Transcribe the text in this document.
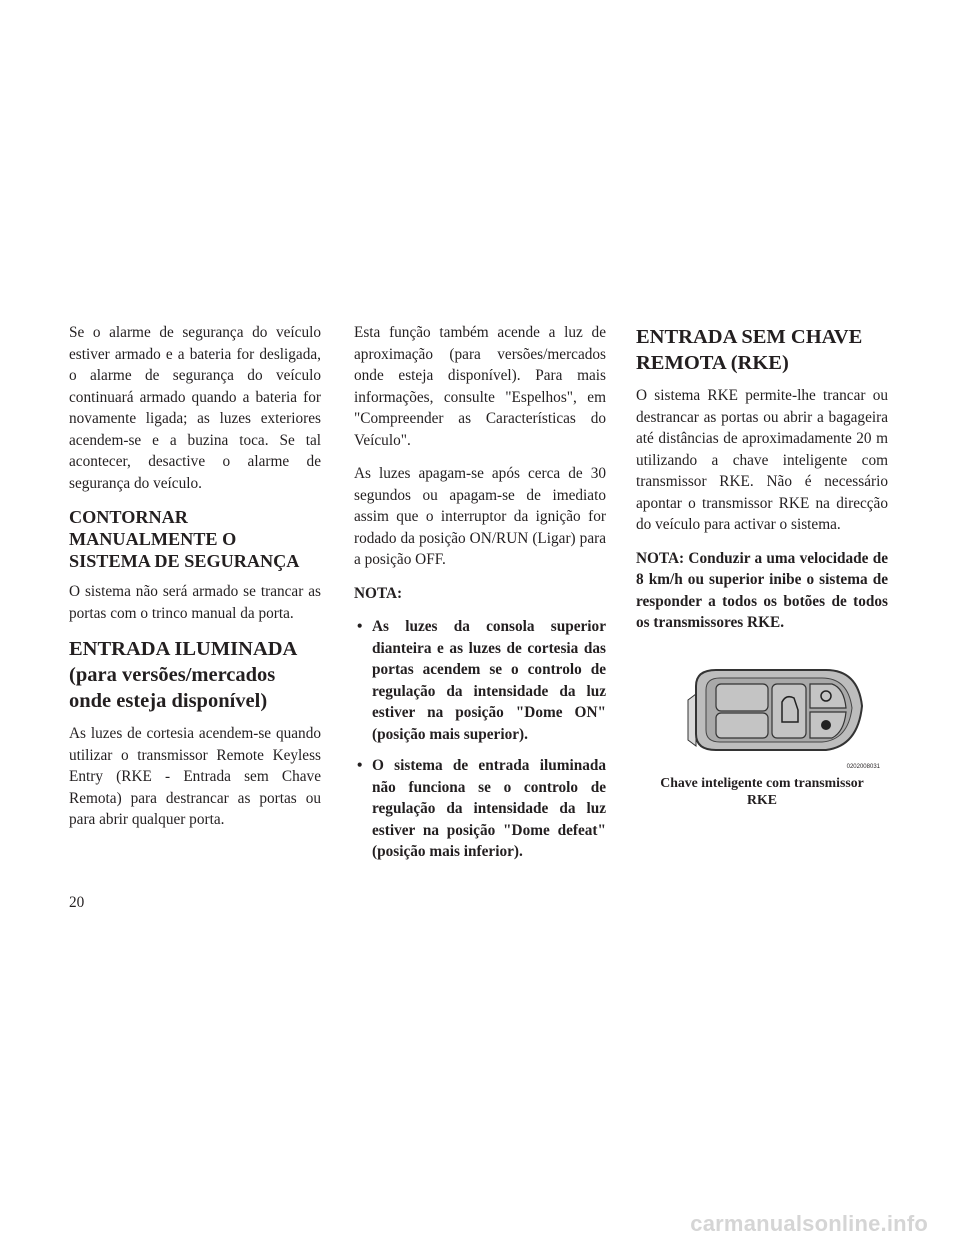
Se o alarme de segurança do veículo estiver armado e a bateria for desligada, o alarme de segurança do veículo continuará armado quando a bateria for novamente ligada; as luzes exteriores acendem-se e a buzina toca. Se tal acontecer, desactive o alarme de segurança do veículo.

CONTORNAR MANUALMENTE O SISTEMA DE SEGURANÇA

O sistema não será armado se trancar as portas com o trinco manual da porta.

ENTRADA ILUMINADA (para versões/mercados onde esteja disponível)

As luzes de cortesia acendem-se quando utilizar o transmissor Remote Keyless Entry (RKE - Entrada sem Chave Remota) para destrancar as portas ou para abrir qualquer porta.

Esta função também acende a luz de aproximação (para versões/mercados onde esteja disponível). Para mais informações, consulte "Espelhos", em "Compreender as Características do Veículo".

As luzes apagam-se após cerca de 30 segundos ou apagam-se de imediato assim que o interruptor da ignição for rodado da posição ON/RUN (Ligar) para a posição OFF.

NOTA:

• As luzes da consola superior dianteira e as luzes de cortesia das portas acendem se o controlo de regulação da intensidade da luz estiver na posição "Dome ON" (posição mais superior).
• O sistema de entrada iluminada não funciona se o controlo de regulação da intensidade da luz estiver na posição "Dome defeat" (posição mais inferior).
ENTRADA SEM CHAVE REMOTA (RKE)

O sistema RKE permite-lhe trancar ou destrancar as portas ou abrir a bagageira até distâncias de aproximadamente 20 m utilizando a chave inteligente com transmissor RKE. Não é necessário apontar o transmissor RKE na direcção do veículo para activar o sistema.

NOTA: Conduzir a uma velocidade de 8 km/h ou superior inibe o sistema de responder a todos os botões de todos os transmissores RKE.

0202008031
Chave inteligente com transmissor RKE
20
carmanualsonline.info
